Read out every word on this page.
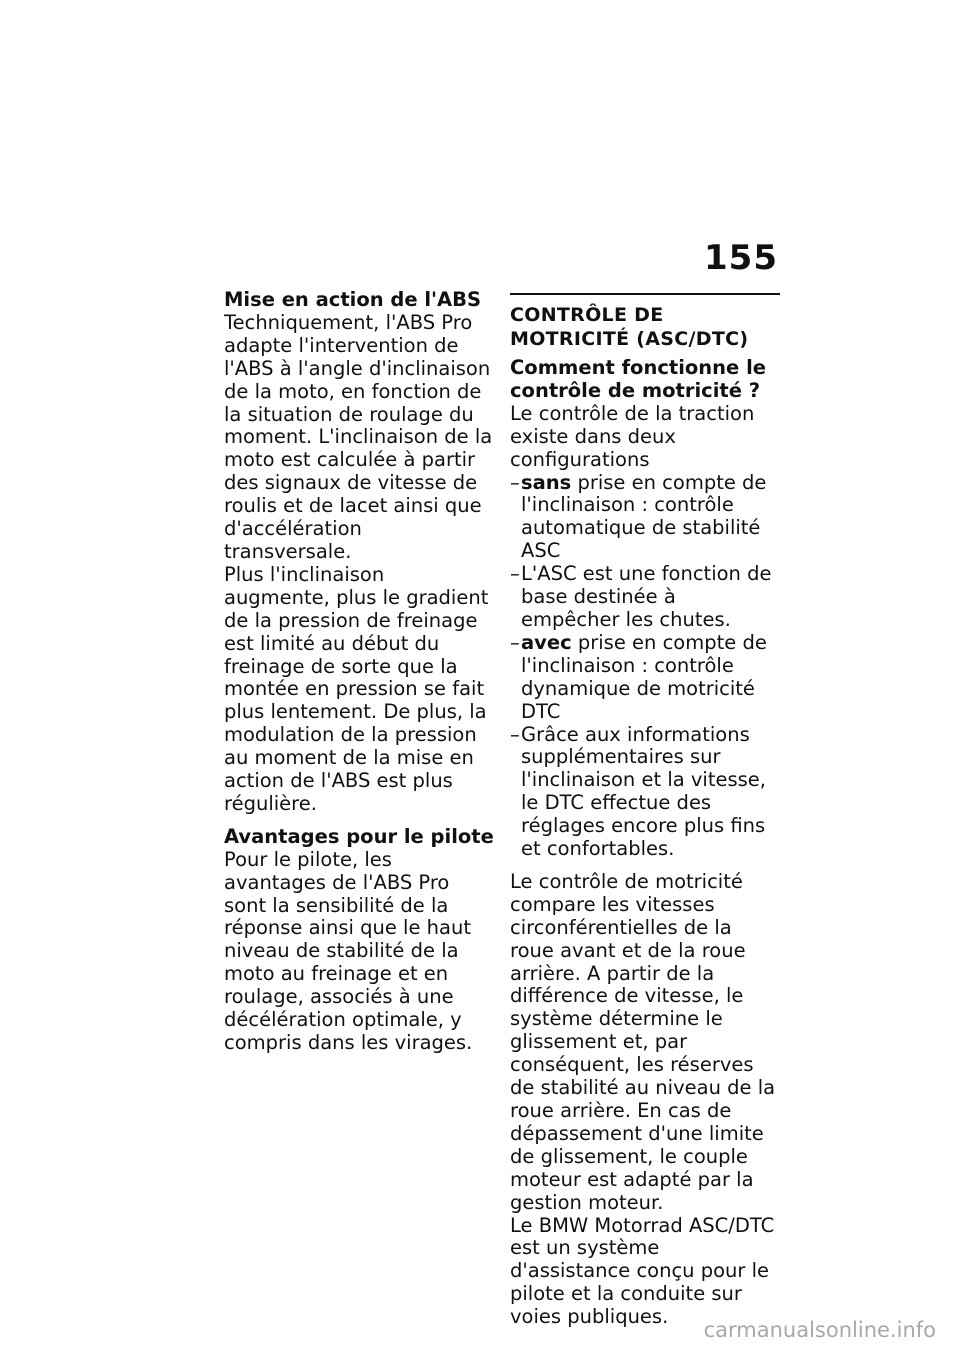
155

Mise en action de l'ABS

Techniquement, l'ABS Pro adapte l'intervention de l'ABS à l'angle d'inclinaison de la moto, en fonction de la situation de roulage du moment. L'inclinaison de la moto est calculée à partir des signaux de vitesse de roulis et de lacet ainsi que d'accélération transversale.

Plus l'inclinaison augmente, plus le gradient de la pression de freinage est limité au début du freinage de sorte que la montée en pression se fait plus lentement. De plus, la modulation de la pression au moment de la mise en action de l'ABS est plus régulière.

Avantages pour le pilote

Pour le pilote, les avantages de l'ABS Pro sont la sensibilité de la réponse ainsi que le haut niveau de stabilité de la moto au freinage et en roulage, associés à une décélération optimale, y compris dans les virages.

CONTRÔLE DE MOTRICITÉ (ASC/DTC)

Comment fonctionne le contrôle de motricité ?

Le contrôle de la traction existe dans deux configurations

– sans prise en compte de l'inclinaison : contrôle automatique de stabilité ASC
– L'ASC est une fonction de base destinée à empêcher les chutes.
– avec prise en compte de l'inclinaison : contrôle dynamique de motricité DTC
– Grâce aux informations supplémentaires sur l'inclinaison et la vitesse, le DTC effectue des réglages encore plus fins et confortables.

Le contrôle de motricité compare les vitesses circonférentielles de la roue avant et de la roue arrière. A partir de la différence de vitesse, le système détermine le glissement et, par conséquent, les réserves de stabilité au niveau de la roue arrière. En cas de dépassement d'une limite de glissement, le couple moteur est adapté par la gestion moteur.

Le BMW Motorrad ASC/DTC est un système d'assistance conçu pour le pilote et la conduite sur voies publiques.

carmanualsonline.info
